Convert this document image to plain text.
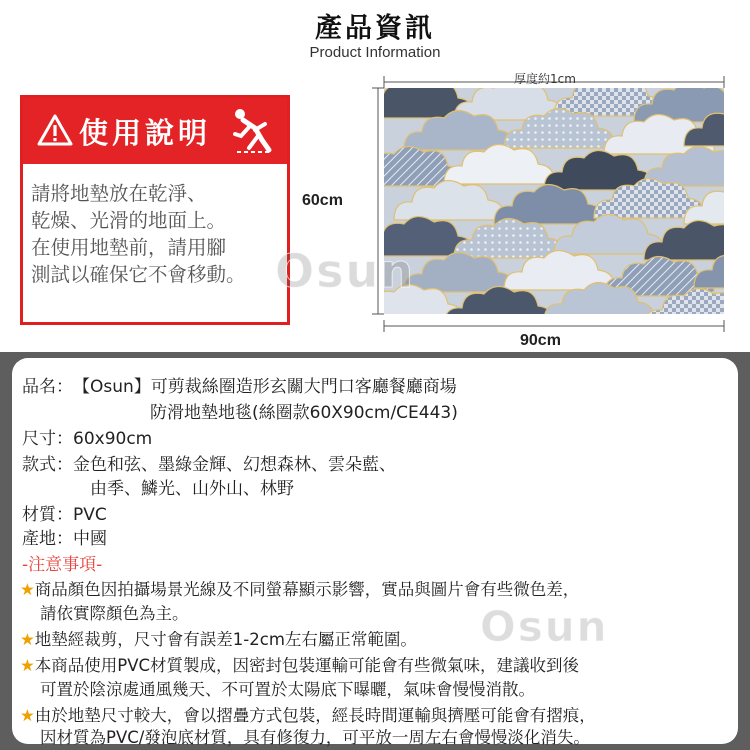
產品資訊
Product Information
使用說明
請將地墊放在乾淨、
乾燥、光滑的地面上。
在使用地墊前，請用腳
測試以確保它不會移動。
厚度約1cm
60cm
90cm
Osun
品名：【Osun】可剪裁絲圈造形玄關大門口客廳餐廳商場
防滑地墊地毯(絲圈款60X90cm/CE443)
尺寸：60x90cm
款式：金色和弦、墨綠金輝、幻想森林、雲朵藍、
由季、鱗光、山外山、林野
材質：PVC
產地：中國
-注意事項-
★商品顏色因拍攝場景光線及不同螢幕顯示影響，實品與圖片會有些微色差，
請依實際顏色為主。
★地墊經裁剪，尺寸會有誤差1-2cm左右屬正常範圍。
★本商品使用PVC材質製成，因密封包裝運輸可能會有些微氣味，建議收到後
可置於陰涼處通風幾天、不可置於太陽底下曝曬，氣味會慢慢消散。
★由於地墊尺寸較大，會以摺疊方式包裝，經長時間運輸與擠壓可能會有摺痕，
因材質為PVC/發泡底材質，具有修復力，可平放一周左右會慢慢淡化消失。
Osun
